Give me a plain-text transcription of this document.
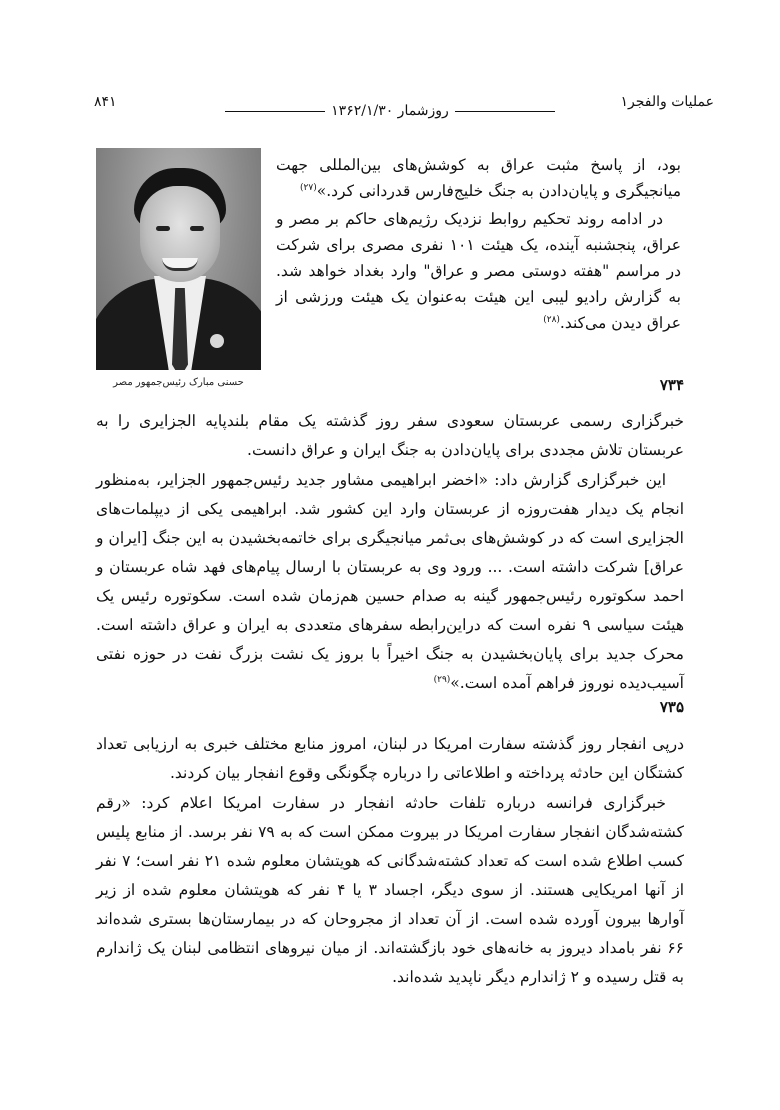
عملیات والفجر۱
روزشمار ۱۳۶۲/۱/۳۰
۸۴۱
حسنی مبارک رئیس‌جمهور مصر

بود، از پاسخ مثبت عراق به کوشش‌های بین‌المللی جهت میانجیگری و پایان‌دادن به جنگ خلیج‌فارس قدردانی کرد.»$^{(۲۷)}$

در ادامه روند تحکیم روابط نزدیک رژیم‌های حاکم بر مصر و عراق، پنجشنبه آینده، یک هیئت ۱۰۱ نفری مصری برای شرکت در مراسم "هفته دوستی مصر و عراق" وارد بغداد خواهد شد. به گزارش رادیو لیبی این هیئت به‌عنوان یک هیئت ورزشی از عراق دیدن می‌کند.$^{(۲۸)}$

۷۳۴

خبرگزاری رسمی عربستان سعودی سفر روز گذشته یک مقام بلندپایه الجزایری را به عربستان تلاش مجددی برای پایان‌دادن به جنگ ایران و عراق دانست.

این خبرگزاری گزارش داد: «اخضر ابراهیمی مشاور جدید رئیس‌جمهور الجزایر، به‌منظور انجام یک دیدار هفت‌روزه از عربستان وارد این کشور شد. ابراهیمی یکی از دیپلمات‌های الجزایری است که در کوشش‌های بی‌ثمر میانجیگری برای خاتمه‌بخشیدن به این جنگ [ایران و عراق] شرکت داشته است. ... ورود وی به عربستان با ارسال پیام‌های فهد شاه عربستان و احمد سکوتوره رئیس‌جمهور گینه به صدام حسین هم‌زمان شده است. سکوتوره رئیس یک هیئت سیاسی ۹ نفره است که دراین‌رابطه سفرهای متعددی به ایران و عراق داشته است. محرک جدید برای پایان‌بخشیدن به جنگ اخیراً با بروز یک نشت بزرگ نفت در حوزه نفتی آسیب‌دیده نوروز فراهم آمده است.»$^{(۲۹)}$

۷۳۵

درپی انفجار روز گذشته سفارت امریکا در لبنان، امروز منابع مختلف خبری به ارزیابی تعداد کشتگان این حادثه پرداخته و اطلاعاتی را درباره چگونگی وقوع انفجار بیان کردند.

خبرگزاری فرانسه درباره تلفات حادثه انفجار در سفارت امریکا اعلام کرد: «رقم کشته‌شدگان انفجار سفارت امریکا در بیروت ممکن است که به ۷۹ نفر برسد. از منابع پلیس کسب اطلاع شده است که تعداد کشته‌شدگانی که هویتشان معلوم شده ۲۱ نفر است؛ ۷ نفر از آنها امریکایی هستند. از سوی دیگر، اجساد ۳ یا ۴ نفر که هویتشان معلوم شده از زیر آوارها بیرون آورده شده است. از آن تعداد از مجروحان که در بیمارستان‌ها بستری شده‌اند ۶۶ نفر بامداد دیروز به خانه‌های خود بازگشته‌اند. از میان نیروهای انتظامی لبنان یک ژاندارم به قتل رسیده و ۲ ژاندارم دیگر ناپدید شده‌اند.
